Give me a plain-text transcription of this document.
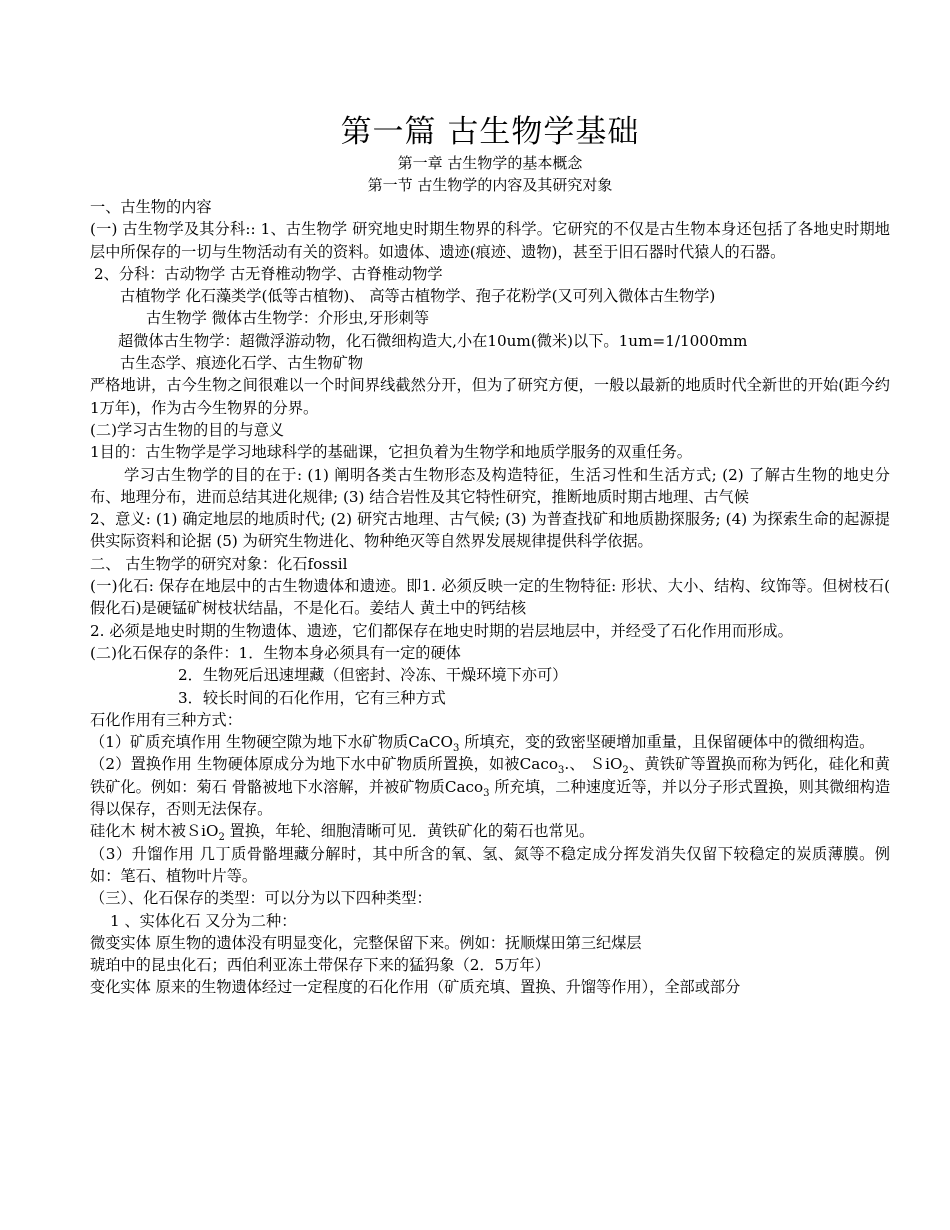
第一篇 古生物学基础

第一章 古生物学的基本概念

第一节 古生物学的内容及其研究对象

一、古生物的内容

(一) 古生物学及其分科:: 1、古生物学 研究地史时期生物界的科学。它研究的不仅是古生物本身还包括了各地史时期地层中所保存的一切与生物活动有关的资料。如遗体、遗迹(痕迹、遗物)，甚至于旧石器时代猿人的石器。

2、分科：古动物学 古无脊椎动物学、古脊椎动物学

古植物学 化石藻类学(低等古植物)、 高等古植物学、孢子花粉学(又可列入微体古生物学)

古生物学 微体古生物学：介形虫,牙形刺等

超微体古生物学：超微浮游动物，化石微细构造大,小在10um(微米)以下。1um=1/1000mm

古生态学、痕迹化石学、古生物矿物

严格地讲，古今生物之间很难以一个时间界线截然分开，但为了研究方便，一般以最新的地质时代全新世的开始(距今约1万年)，作为古今生物界的分界。

(二)学习古生物的目的与意义

1目的：古生物学是学习地球科学的基础课，它担负着为生物学和地质学服务的双重任务。

学习古生物学的目的在于: (1) 阐明各类古生物形态及构造特征，生活习性和生活方式; (2) 了解古生物的地史分布、地理分布，进而总结其进化规律; (3) 结合岩性及其它特性研究，推断地质时期古地理、古气候

2、意义: (1) 确定地层的地质时代; (2) 研究古地理、古气候; (3) 为普查找矿和地质勘探服务; (4) 为探索生命的起源提供实际资料和论据 (5) 为研究生物进化、物种绝灭等自然界发展规律提供科学依据。

二、 古生物学的研究对象：化石fossil

(一)化石: 保存在地层中的古生物遗体和遗迹。即1. 必须反映一定的生物特征: 形状、大小、结构、纹饰等。但树枝石( 假化石)是硬锰矿树枝状结晶，不是化石。姜结人 黄土中的钙结核

2. 必须是地史时期的生物遗体、遗迹，它们都保存在地史时期的岩层地层中，并经受了石化作用而形成。

(二)化石保存的条件：1．生物本身必须具有一定的硬体

2．生物死后迅速埋藏（但密封、冷冻、干燥环境下亦可）

3．较长时间的石化作用，它有三种方式

石化作用有三种方式：

（1）矿质充填作用 生物硬空隙为地下水矿物质CaCO$_3$ 所填充，变的致密坚硬增加重量，且保留硬体中的微细构造。

（2）置换作用 生物硬体原成分为地下水中矿物质所置换，如被Caco$_3$.、 ＳiO$_2$、黄铁矿等置换而称为钙化，硅化和黄铁矿化。例如：菊石 骨骼被地下水溶解，并被矿物质Caco$_3$ 所充填，二种速度近等，并以分子形式置换，则其微细构造得以保存，否则无法保存。

硅化木 树木被ＳiO$_2$ 置换，年轮、细胞清晰可见．黄铁矿化的菊石也常见。

（3）升馏作用 几丁质骨骼埋藏分解时，其中所含的氧、氢、氮等不稳定成分挥发消失仅留下较稳定的炭质薄膜。例如：笔石、植物叶片等。

（三）、化石保存的类型：可以分为以下四种类型：

1 、实体化石 又分为二种：

微变实体 原生物的遗体没有明显变化，完整保留下来。例如：抚顺煤田第三纪煤层

琥珀中的昆虫化石；西伯利亚冻土带保存下来的猛犸象（2．5万年）

变化实体 原来的生物遗体经过一定程度的石化作用（矿质充填、置换、升馏等作用），全部或部分
